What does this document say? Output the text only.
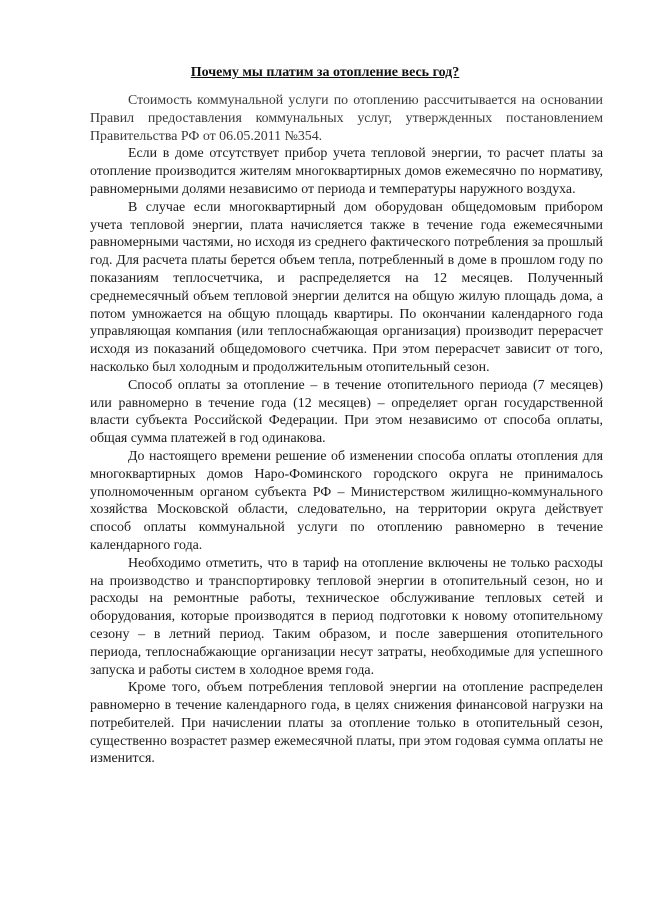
Почему мы платим за отопление весь год?

Стоимость коммунальной услуги по отоплению рассчитывается на основании Правил предоставления коммунальных услуг, утвержденных постановлением Правительства РФ от 06.05.2011 №354.

Если в доме отсутствует прибор учета тепловой энергии, то расчет платы за отопление производится жителям многоквартирных домов ежемесячно по нормативу, равномерными долями независимо от периода и температуры наружного воздуха.

В случае если многоквартирный дом оборудован общедомовым прибором учета тепловой энергии, плата начисляется также в течение года ежемесячными равномерными частями, но исходя из среднего фактического потребления за прошлый год. Для расчета платы берется объем тепла, потребленный в доме в прошлом году по показаниям теплосчетчика, и распределяется на 12 месяцев. Полученный среднемесячный объем тепловой энергии делится на общую жилую площадь дома, а потом умножается на общую площадь квартиры. По окончании календарного года управляющая компания (или теплоснабжающая организация) производит перерасчет исходя из показаний общедомового счетчика. При этом перерасчет зависит от того, насколько был холодным и продолжительным отопительный сезон.

Способ оплаты за отопление – в течение отопительного периода (7 месяцев) или равномерно в течение года (12 месяцев) – определяет орган государственной власти субъекта Российской Федерации. При этом независимо от способа оплаты, общая сумма платежей в год одинакова.

До настоящего времени решение об изменении способа оплаты отопления для многоквартирных домов Наро-Фоминского городского округа не принималось уполномоченным органом субъекта РФ – Министерством жилищно-коммунального хозяйства Московской области, следовательно, на территории округа действует способ оплаты коммунальной услуги по отоплению равномерно в течение календарного года.

Необходимо отметить, что в тариф на отопление включены не только расходы на производство и транспортировку тепловой энергии в отопительный сезон, но и расходы на ремонтные работы, техническое обслуживание тепловых сетей и оборудования, которые производятся в период подготовки к новому отопительному сезону – в летний период. Таким образом, и после завершения отопительного периода, теплоснабжающие организации несут затраты, необходимые для успешного запуска и работы систем в холодное время года.

Кроме того, объем потребления тепловой энергии на отопление распределен равномерно в течение календарного года, в целях снижения финансовой нагрузки на потребителей. При начислении платы за отопление только в отопительный сезон, существенно возрастет размер ежемесячной платы, при этом годовая сумма оплаты не изменится.
